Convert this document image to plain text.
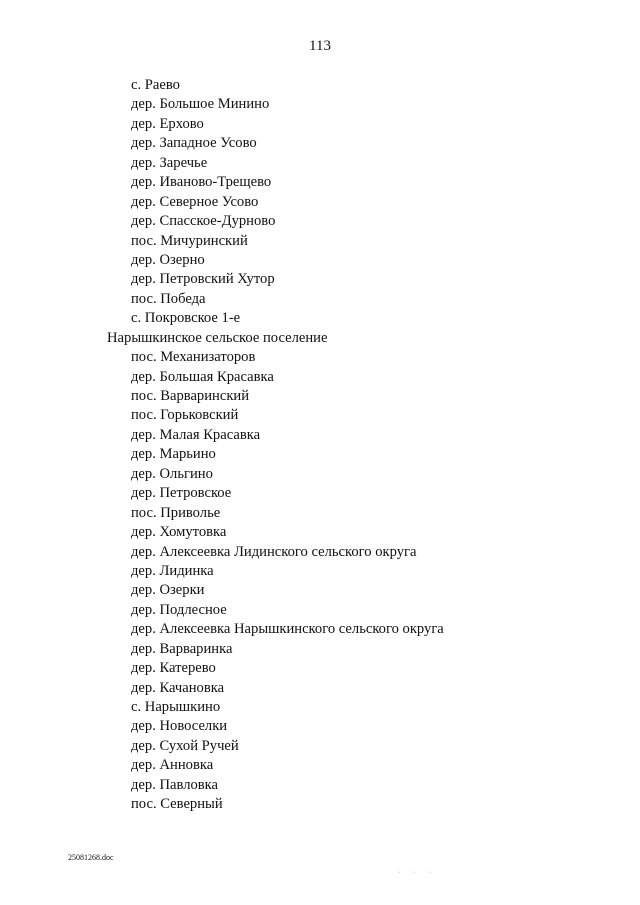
113
с. Раево
дер. Большое Минино
дер. Ерхово
дер. Западное Усово
дер. Заречье
дер. Иваново-Трещево
дер. Северное Усово
дер. Спасское-Дурново
пос. Мичуринский
дер. Озерно
дер. Петровский Хутор
пос. Победа
с. Покровское 1-е
Нарышкинское сельское поселение
пос. Механизаторов
дер. Большая Красавка
пос. Варваринский
пос. Горьковский
дер. Малая Красавка
дер. Марьино
дер. Ольгино
дер. Петровское
пос. Приволье
дер. Хомутовка
дер. Алексеевка Лидинского сельского округа
дер. Лидинка
дер. Озерки
дер. Подлесное
дер. Алексеевка Нарышкинского сельского округа
дер. Варваринка
дер. Катерево
дер. Качановка
с. Нарышкино
дер. Новоселки
дер. Сухой Ручей
дер. Анновка
дер. Павловка
пос. Северный
25081268.doc
· · ·
